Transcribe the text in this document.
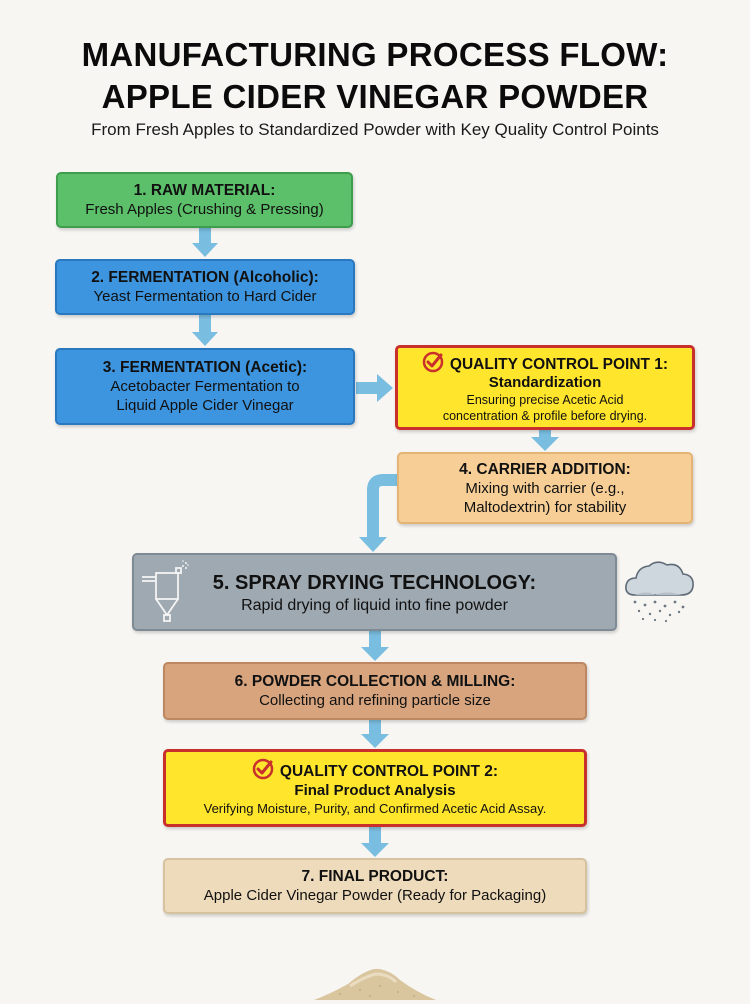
MANUFACTURING PROCESS FLOW:
APPLE CIDER VINEGAR POWDER
From Fresh Apples to Standardized Powder with Key Quality Control Points
1. RAW MATERIAL:
Fresh Apples (Crushing & Pressing)
2. FERMENTATION (Alcoholic):
Yeast Fermentation to Hard Cider
3. FERMENTATION (Acetic):
Acetobacter Fermentation to
Liquid Apple Cider Vinegar
QUALITY CONTROL POINT 1:
Standardization
Ensuring precise Acetic Acid
concentration & profile before drying.
4. CARRIER ADDITION:
Mixing with carrier (e.g.,
Maltodextrin) for stability
5. SPRAY DRYING TECHNOLOGY:
Rapid drying of liquid into fine powder
6. POWDER COLLECTION & MILLING:
Collecting and refining particle size
QUALITY CONTROL POINT 2:
Final Product Analysis
Verifying Moisture, Purity, and Confirmed Acetic Acid Assay.
7. FINAL PRODUCT:
Apple Cider Vinegar Powder (Ready for Packaging)
